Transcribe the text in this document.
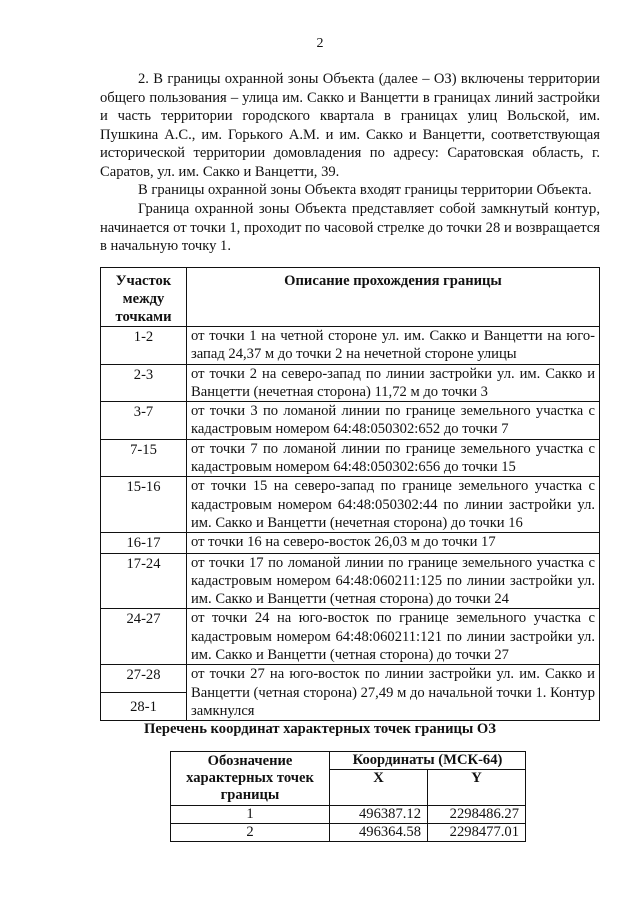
2

2. В границы охранной зоны Объекта (далее – ОЗ) включены территории общего пользования – улица им. Сакко и Ванцетти в границах линий застройки и часть территории городского квартала в границах улиц Вольской, им. Пушкина А.С., им. Горького А.М. и им. Сакко и Ванцетти, соответствующая исторической территории домовладения по адресу: Саратовская область, г. Саратов, ул. им. Сакко и Ванцетти, 39.

В границы охранной зоны Объекта входят границы территории Объекта.

Граница охранной зоны Объекта представляет собой замкнутый контур, начинается от точки 1, проходит по часовой стрелке до точки 28 и возвращается в начальную точку 1.

Участок между точками	Описание прохождения границы
1-2	от точки 1 на четной стороне ул. им. Сакко и Ванцетти на юго-запад 24,37 м до точки 2 на нечетной стороне улицы
2-3	от точки 2 на северо-запад по линии застройки ул. им. Сакко и Ванцетти (нечетная сторона) 11,72 м до точки 3
3-7	от точки 3 по ломаной линии по границе земельного участка с кадастровым номером 64:48:050302:652 до точки 7
7-15	от точки 7 по ломаной линии по границе земельного участка с кадастровым номером 64:48:050302:656 до точки 15
15-16	от точки 15 на северо-запад по границе земельного участка с кадастровым номером 64:48:050302:44 по линии застройки ул. им. Сакко и Ванцетти (нечетная сторона) до точки 16
16-17	от точки 16 на северо-восток 26,03 м до точки 17
17-24	от точки 17 по ломаной линии по границе земельного участка с кадастровым номером 64:48:060211:125 по линии застройки ул. им. Сакко и Ванцетти (четная сторона) до точки 24
24-27	от точки 24 на юго-восток по границе земельного участка с кадастровым номером 64:48:060211:121 по линии застройки ул. им. Сакко и Ванцетти (четная сторона) до точки 27
27-28	от точки 27 на юго-восток по линии застройки ул. им. Сакко и Ванцетти (четная сторона) 27,49 м до начальной точки 1. Контур замкнулся
28-1	
Перечень координат характерных точек границы ОЗ
Обозначение характерных точек границы	Координаты (МСК-64)	
	X	Y
1	496387.12	2298486.27
2	496364.58	2298477.01
